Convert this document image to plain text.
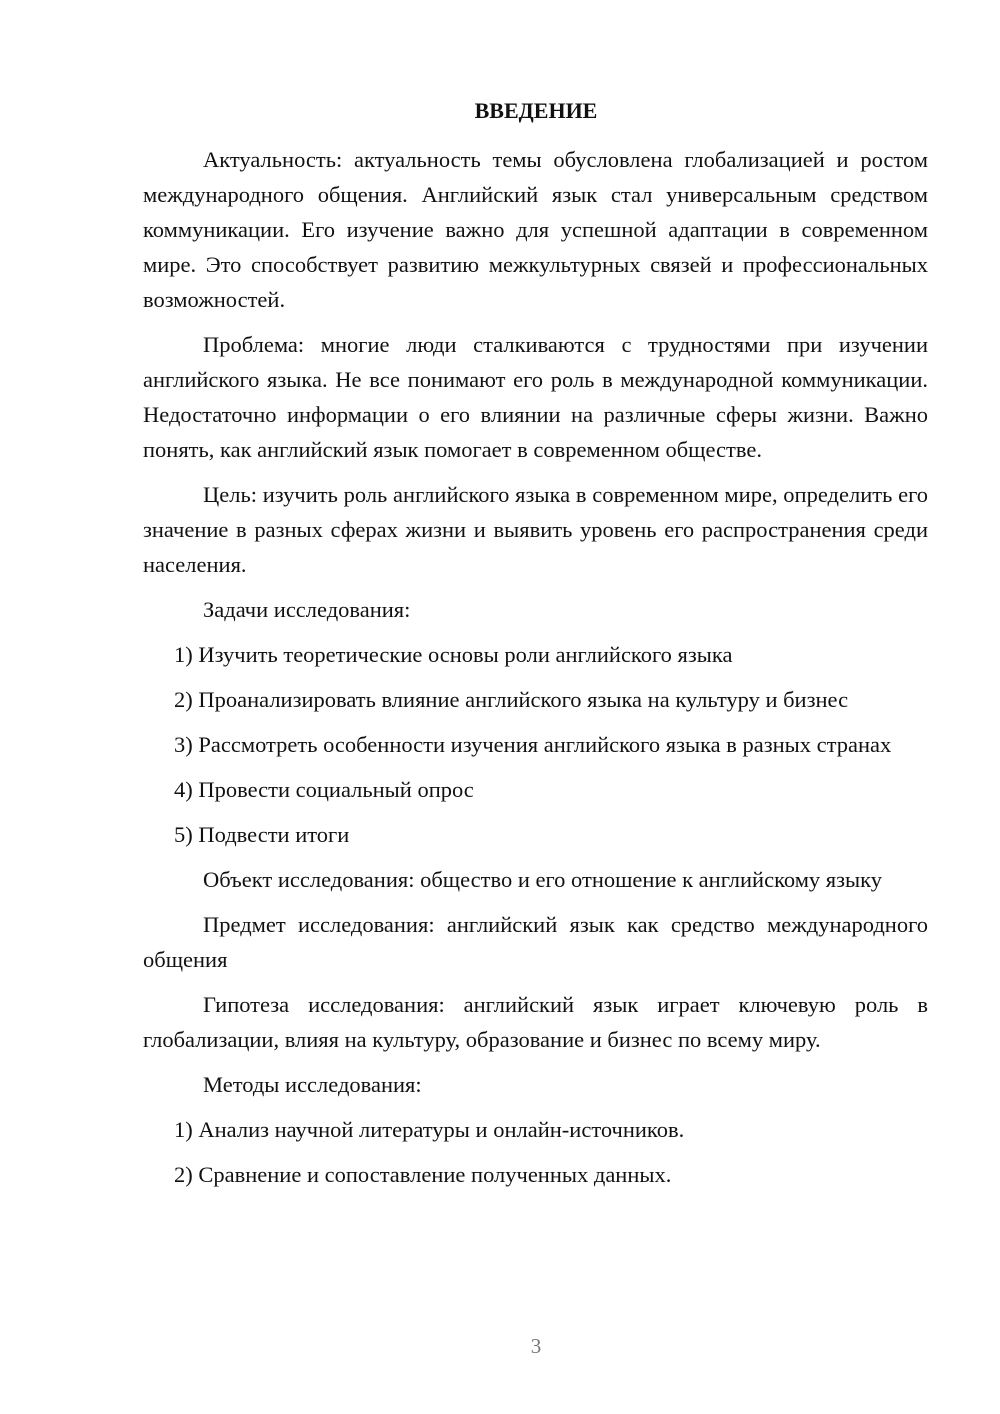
ВВЕДЕНИЕ

Актуальность: актуальность темы обусловлена глобализацией и ростом международного общения. Английский язык стал универсальным средством коммуникации. Его изучение важно для успешной адаптации в современном мире. Это способствует развитию межкультурных связей и профессиональных возможностей.

Проблема: многие люди сталкиваются с трудностями при изучении английского языка. Не все понимают его роль в международной коммуникации. Недостаточно информации о его влиянии на различные сферы жизни. Важно понять, как английский язык помогает в современном обществе.

Цель: изучить роль английского языка в современном мире, определить его значение в разных сферах жизни и выявить уровень его распространения среди населения.

Задачи исследования:

1) Изучить теоретические основы роли английского языка

2) Проанализировать влияние английского языка на культуру и бизнес

3) Рассмотреть особенности изучения английского языка в разных странах

4) Провести социальный опрос

5) Подвести итоги

Объект исследования: общество и его отношение к английскому языку

Предмет исследования: английский язык как средство международного общения

Гипотеза исследования: английский язык играет ключевую роль в глобализации, влияя на культуру, образование и бизнес по всему миру.

Методы исследования:

1) Анализ научной литературы и онлайн-источников.

2) Сравнение и сопоставление полученных данных.

3
